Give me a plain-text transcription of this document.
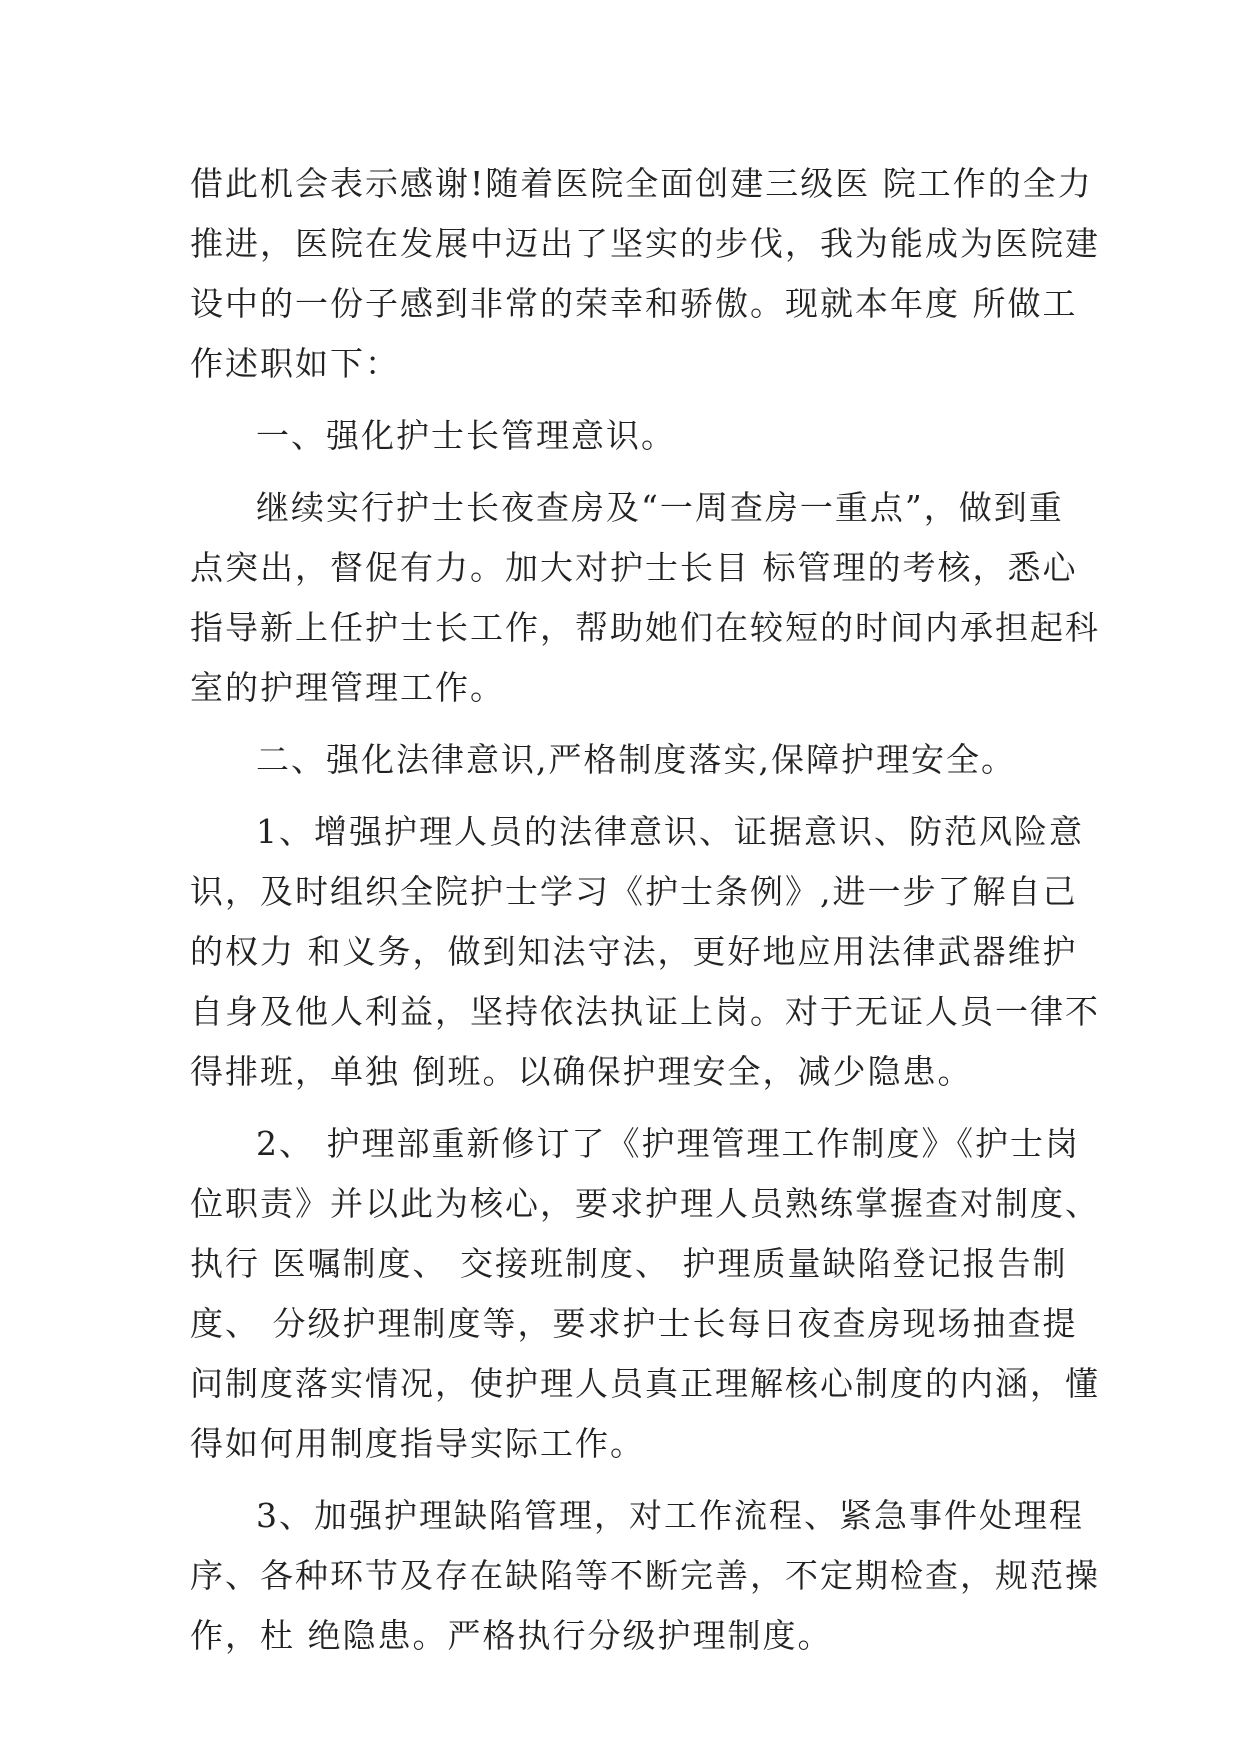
借此机会表示感谢!随着医院全面创建三级医 院工作的全力
推进，医院在发展中迈出了坚实的步伐，我为能成为医院建
设中的一份子感到非常的荣幸和骄傲。现就本年度 所做工
作述职如下：
一、强化护士长管理意识。
继续实行护士长夜查房及“一周查房一重点”，做到重
点突出，督促有力。加大对护士长目 标管理的考核，悉心
指导新上任护士长工作，帮助她们在较短的时间内承担起科
室的护理管理工作。
二、强化法律意识,严格制度落实,保障护理安全。
1、增强护理人员的法律意识、证据意识、防范风险意
识，及时组织全院护士学习《护士条例》,进一步了解自己
的权力 和义务，做到知法守法，更好地应用法律武器维护
自身及他人利益，坚持依法执证上岗。对于无证人员一律不
得排班，单独 倒班。以确保护理安全，减少隐患。
2、 护理部重新修订了《护理管理工作制度》《护士岗
位职责》并以此为核心，要求护理人员熟练掌握查对制度、
执行 医嘱制度、 交接班制度、 护理质量缺陷登记报告制
度、 分级护理制度等，要求护士长每日夜查房现场抽查提
问制度落实情况，使护理人员真正理解核心制度的内涵，懂
得如何用制度指导实际工作。
3、加强护理缺陷管理，对工作流程、紧急事件处理程
序、各种环节及存在缺陷等不断完善，不定期检查，规范操
作，杜 绝隐患。严格执行分级护理制度。
